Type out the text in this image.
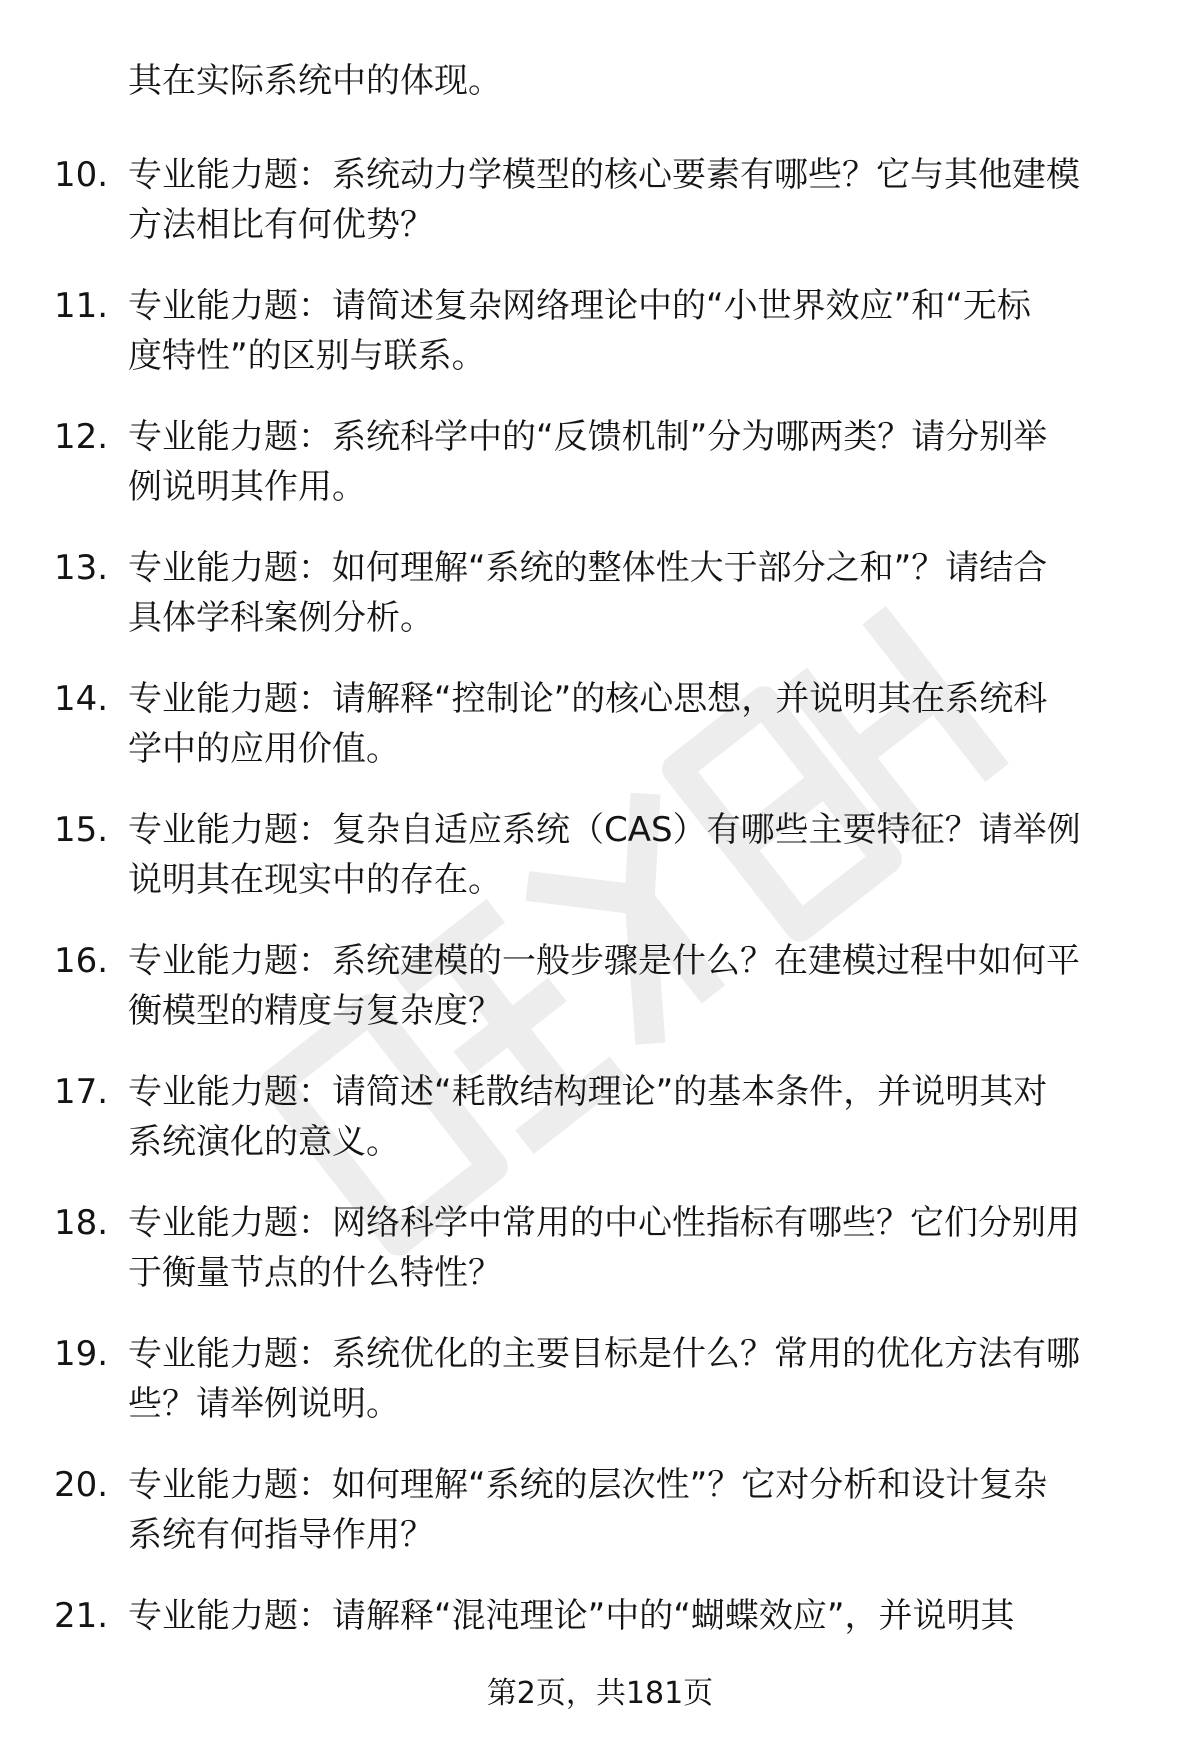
其在实际系统中的体现。
10. 专业能力题：系统动力学模型的核心要素有哪些？它与其他建模
方法相比有何优势？
11. 专业能力题：请简述复杂网络理论中的“小世界效应”和“无标
度特性”的区别与联系。
12. 专业能力题：系统科学中的“反馈机制”分为哪两类？请分别举
例说明其作用。
13. 专业能力题：如何理解“系统的整体性大于部分之和”？请结合
具体学科案例分析。
14. 专业能力题：请解释“控制论”的核心思想，并说明其在系统科
学中的应用价值。
15. 专业能力题：复杂自适应系统（CAS）有哪些主要特征？请举例
说明其在现实中的存在。
16. 专业能力题：系统建模的一般步骤是什么？在建模过程中如何平
衡模型的精度与复杂度？
17. 专业能力题：请简述“耗散结构理论”的基本条件，并说明其对
系统演化的意义。
18. 专业能力题：网络科学中常用的中心性指标有哪些？它们分别用
于衡量节点的什么特性？
19. 专业能力题：系统优化的主要目标是什么？常用的优化方法有哪
些？请举例说明。
20. 专业能力题：如何理解“系统的层次性”？它对分析和设计复杂
系统有何指导作用？
21. 专业能力题：请解释“混沌理论”中的“蝴蝶效应”，并说明其
第2页，共181页
